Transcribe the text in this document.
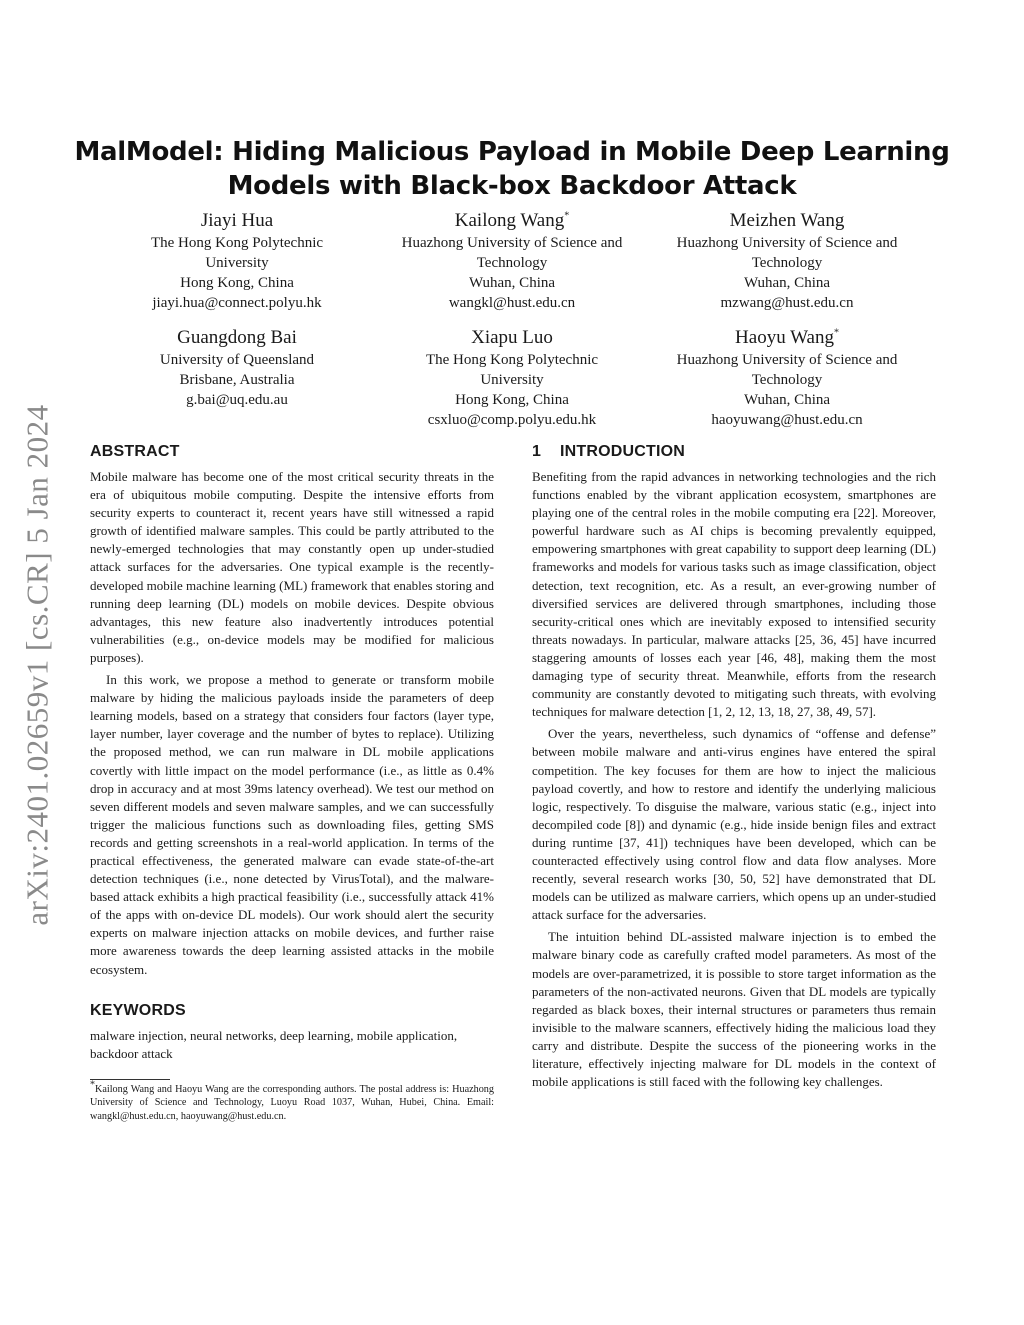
arXiv:2401.02659v1 [cs.CR] 5 Jan 2024
MalModel: Hiding Malicious Payload in Mobile Deep Learning Models with Black-box Backdoor Attack
Jiayi Hua
The Hong Kong Polytechnic
University
Hong Kong, China
jiayi.hua@connect.polyu.hk
Kailong Wang*
Huazhong University of Science and
Technology
Wuhan, China
wangkl@hust.edu.cn
Meizhen Wang
Huazhong University of Science and
Technology
Wuhan, China
mzwang@hust.edu.cn
Guangdong Bai
University of Queensland
Brisbane, Australia
g.bai@uq.edu.au
Xiapu Luo
The Hong Kong Polytechnic
University
Hong Kong, China
csxluo@comp.polyu.edu.hk
Haoyu Wang*
Huazhong University of Science and
Technology
Wuhan, China
haoyuwang@hust.edu.cn
ABSTRACT

Mobile malware has become one of the most critical security threats in the era of ubiquitous mobile computing. Despite the intensive efforts from security experts to counteract it, recent years have still witnessed a rapid growth of identified malware samples. This could be partly attributed to the newly-emerged technologies that may constantly open up under-studied attack surfaces for the adversaries. One typical example is the recently-developed mobile machine learning (ML) framework that enables storing and running deep learning (DL) models on mobile devices. Despite obvious advantages, this new feature also inadvertently introduces potential vulnerabilities (e.g., on-device models may be modified for malicious purposes).

In this work, we propose a method to generate or transform mobile malware by hiding the malicious payloads inside the parameters of deep learning models, based on a strategy that considers four factors (layer type, layer number, layer coverage and the number of bytes to replace). Utilizing the proposed method, we can run malware in DL mobile applications covertly with little impact on the model performance (i.e., as little as 0.4% drop in accuracy and at most 39ms latency overhead). We test our method on seven different models and seven malware samples, and we can successfully trigger the malicious functions such as downloading files, getting SMS records and getting screenshots in a real-world application. In terms of the practical effectiveness, the generated malware can evade state-of-the-art detection techniques (i.e., none detected by VirusTotal), and the malware-based attack exhibits a high practical feasibility (i.e., successfully attack 41% of the apps with on-device DL models). Our work should alert the security experts on malware injection attacks on mobile devices, and further raise more awareness towards the deep learning assisted attacks in the mobile ecosystem.

KEYWORDS

malware injection, neural networks, deep learning, mobile application, backdoor attack

*Kailong Wang and Haoyu Wang are the corresponding authors. The postal address is: Huazhong University of Science and Technology, Luoyu Road 1037, Wuhan, Hubei, China. Email: wangkl@hust.edu.cn, haoyuwang@hust.edu.cn.

1 INTRODUCTION

Benefiting from the rapid advances in networking technologies and the rich functions enabled by the vibrant application ecosystem, smartphones are playing one of the central roles in the mobile computing era [22]. Moreover, powerful hardware such as AI chips is becoming prevalently equipped, empowering smartphones with great capability to support deep learning (DL) frameworks and models for various tasks such as image classification, object detection, text recognition, etc. As a result, an ever-growing number of diversified services are delivered through smartphones, including those security-critical ones which are inevitably exposed to intensified security threats nowadays. In particular, malware attacks [25, 36, 45] have incurred staggering amounts of losses each year [46, 48], making them the most damaging type of security threat. Meanwhile, efforts from the research community are constantly devoted to mitigating such threats, with evolving techniques for malware detection [1, 2, 12, 13, 18, 27, 38, 49, 57].

Over the years, nevertheless, such dynamics of “offense and defense” between mobile malware and anti-virus engines have entered the spiral competition. The key focuses for them are how to inject the malicious payload covertly, and how to restore and identify the underlying malicious logic, respectively. To disguise the malware, various static (e.g., inject into decompiled code [8]) and dynamic (e.g., hide inside benign files and extract during runtime [37, 41]) techniques have been developed, which can be counteracted effectively using control flow and data flow analyses. More recently, several research works [30, 50, 52] have demonstrated that DL models can be utilized as malware carriers, which opens up an under-studied attack surface for the adversaries.

The intuition behind DL-assisted malware injection is to embed the malware binary code as carefully crafted model parameters. As most of the models are over-parametrized, it is possible to store target information as the parameters of the non-activated neurons. Given that DL models are typically regarded as black boxes, their internal structures or parameters thus remain invisible to the malware scanners, effectively hiding the malicious load they carry and distribute. Despite the success of the pioneering works in the literature, effectively injecting malware for DL models in the context of mobile applications is still faced with the following key challenges.
